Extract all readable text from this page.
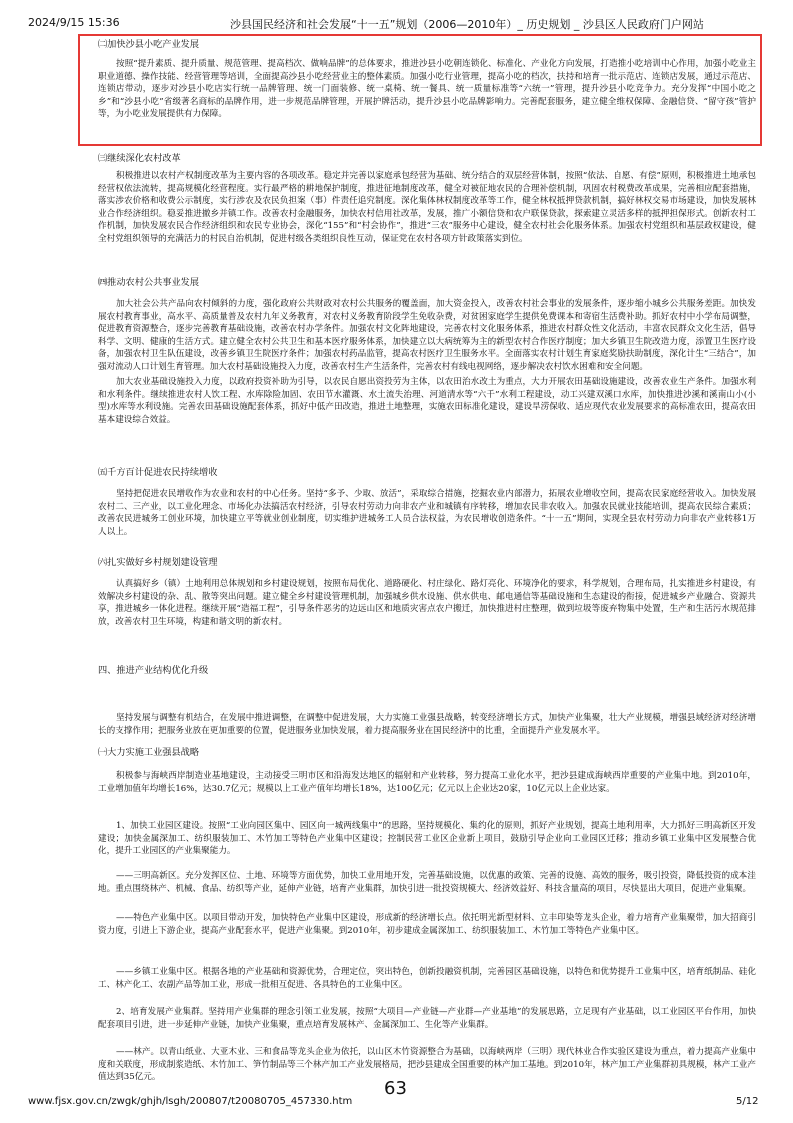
2024/9/15 15:36	沙县国民经济和社会发展“十一五”规划（2006—2010年）_ 历史规划 _ 沙县区人民政府门户网站
㈡加快沙县小吃产业发展
按照“提升素质、提升质量、规范管理、提高档次、做响品牌”的总体要求，推进沙县小吃朝连锁化、标准化、产业化方向发展，打造推小吃培训中心作用，加强小吃业主职业道德、操作技能、经营管理等培训，全面提高沙县小吃经营业主的整体素质。加强小吃行业管理，提高小吃的档次，扶持和培育一批示范店、连锁店发展，通过示范店、连锁店带动，逐步对沙县小吃店实行统一品牌管理、统一门面装修、统一桌椅、统一餐具、统一质量标准等“六统一”管理，提升沙县小吃竞争力。充分发挥“中国小吃之乡”和“沙县小吃”省级著名商标的品牌作用，进一步规范品牌管理，开展护牌活动，提升沙县小吃品牌影响力。完善配套服务，建立健全维权保障、金融信贷、“留守孩”管护等，为小吃业发展提供有力保障。
㈢继续深化农村改革
积极推进以农村产权制度改革为主要内容的各项改革。稳定并完善以家庭承包经营为基础、统分结合的双层经营体制，按照“依法、自愿、有偿”原则，积极推进土地承包经营权依法流转，提高规模化经营程度。实行最严格的耕地保护制度，推进征地制度改革，健全对被征地农民的合理补偿机制，巩固农村税费改革成果，完善相应配套措施，落实涉农价格和收费公示制度，实行涉农及农民负担案（事）件责任追究制度。深化集体林权制度改革等工作，健全林权抵押贷款机制，搞好林权交易市场建设，加快发展林业合作经济组织。稳妥推进撤乡并镇工作。改善农村金融服务，加快农村信用社改革，发展，推广小额信贷和农户联保贷款，探索建立灵活多样的抵押担保形式。创新农村工作机制，加快发展农民合作经济组织和农民专业协会，深化“155”和“村会协作”，推进“三农”服务中心建设，健全农村社会化服务体系。加强农村党组织和基层政权建设，健全村党组织领导的充满活力的村民自治机制，促进村级各类组织良性互动，保证党在农村各项方针政策落实到位。
㈣推动农村公共事业发展
加大社会公共产品向农村倾斜的力度，强化政府公共财政对农村公共服务的覆盖面，加大资金投入，改善农村社会事业的发展条件，逐步缩小城乡公共服务差距。加快发展农村教育事业，高水平、高质量普及农村九年义务教育，对农村义务教育阶段学生免收杂费，对贫困家庭学生提供免费课本和寄宿生活费补助。抓好农村中小学布局调整，促进教育资源整合，逐步完善教育基础设施，改善农村办学条件。加强农村文化阵地建设，完善农村文化服务体系，推进农村群众性文化活动，丰富农民群众文化生活，倡导科学、文明、健康的生活方式。建立健全农村公共卫生和基本医疗服务体系，加快建立以大病统筹为主的新型农村合作医疗制度；加大乡镇卫生院改造力度，添置卫生医疗设备，加强农村卫生队伍建设，改善乡镇卫生院医疗条件；加强农村药品监管，提高农村医疗卫生服务水平。全面落实农村计划生育家庭奖励扶助制度，深化计生“三结合”，加强对流动人口计划生育管理。加大农村基础设施投入力度，改善农村生产生活条件，完善农村有线电视网络，逐步解决农村饮水困难和安全问题。
加大农业基础设施投入力度，以政府投资补助为引导，以农民自愿出资投劳为主体，以农田治水改土为重点，大力开展农田基础设施建设，改善农业生产条件。加强水利和水利条件。继续推进农村人饮工程、水库除险加固、农田节水灌溉、水土流失治理、河道清水等“六千”水利工程建设，动工兴建双溪口水库，加快推进沙溪和溪南山小(小型)水库等水利设施。完善农田基础设施配套体系，抓好中低产田改造，推进土地整理，实施农田标准化建设，建设旱涝保收、适应现代农业发展要求的高标准农田，提高农田基本建设综合效益。
㈤千方百计促进农民持续增收
坚持把促进农民增收作为农业和农村的中心任务。坚持“多予、少取、放活”，采取综合措施，挖掘农业内部潜力，拓展农业增收空间，提高农民家庭经营收入。加快发展农村二、三产业，以工业化理念、市场化办法搞活农村经济，引导农村劳动力向非农产业和城镇有序转移，增加农民非农收入。加强农民就业技能培训，提高农民综合素质；改善农民进城务工创业环境，加快建立平等就业创业制度，切实维护进城务工人员合法权益，为农民增收创造条件。“十一五”期间，实现全县农村劳动力向非农产业转移1万人以上。
㈥扎实做好乡村规划建设管理
认真搞好乡（镇）土地利用总体规划和乡村建设规划，按照布局优化、道路硬化、村庄绿化、路灯亮化、环境净化的要求，科学规划，合理布局，扎实推进乡村建设，有效解决乡村建设的杂、乱、散等突出问题。建立健全乡村建设管理机制，加强城乡供水设施、供水供电、邮电通信等基础设施和生态建设的衔接，促进城乡产业融合、资源共享，推进城乡一体化进程。继续开展“造福工程”，引导条件恶劣的边远山区和地质灾害点农户搬迁，加快推进村庄整理，做到垃圾等废弃物集中处置，生产和生活污水规范排放，改善农村卫生环境，构建和谐文明的新农村。
四、推进产业结构优化升级
坚持发展与调整有机结合，在发展中推进调整，在调整中促进发展，大力实施工业强县战略，转变经济增长方式，加快产业集聚，壮大产业规模，增强县域经济对经济增长的支撑作用；把服务业放在更加重要的位置，促进服务业加快发展，着力提高服务业在国民经济中的比重，全面提升产业发展水平。
㈠大力实施工业强县战略
积极参与海峡西岸制造业基地建设，主动接受三明市区和沿海发达地区的辐射和产业转移，努力提高工业化水平，把沙县建成海峡西岸重要的产业集中地。到2010年，工业增加值年均增长16%，达30.7亿元；规模以上工业产值年均增长18%，达100亿元；亿元以上企业达20家，10亿元以上企业达家。
1、加快工业园区建设。按照“工业向园区集中、园区向一城两线集中”的思路，坚持规模化、集约化的原则，抓好产业规划，提高土地利用率，大力抓好三明高新区开发建设；加快金属深加工、纺织服装加工、木竹加工等特色产业集中区建设；控制民营工业区企业新上项目，鼓励引导企业向工业园区迁移；推动乡镇工业集中区发展整合优化，提升工业园区的产业集聚能力。
——三明高新区。充分发挥区位、土地、环境等方面优势，加快工业用地开发，完善基础设施，以优惠的政策、完善的设施、高效的服务，吸引投资，降低投资的成本洼地。重点围绕林产、机械、食品、纺织等产业，延伸产业链，培育产业集群，加快引进一批投资规模大、经济效益好、科技含量高的项目，尽快显出大项目，促进产业集聚。
——特色产业集中区。以项目带动开发，加快特色产业集中区建设，形成新的经济增长点。依托明光新型材料、立丰印染等龙头企业，着力培育产业集聚带，加大招商引资力度，引进上下游企业，提高产业配套水平，促进产业集聚。到2010年，初步建成金属深加工、纺织服装加工、木竹加工等特色产业集中区。
——乡镇工业集中区。根据各地的产业基础和资源优势，合理定位，突出特色，创新投融资机制，完善园区基础设施，以特色和优势提升工业集中区，培育纸制品、硅化工、林产化工、农副产品等加工业，形成一批相互促进、各具特色的工业集中区。
2、培育发展产业集群。坚持用产业集群的理念引领工业发展，按照“大项目—产业链—产业群—产业基地”的发展思路，立足现有产业基础，以工业园区平台作用，加快配套项目引进，进一步延伸产业链，加快产业集聚，重点培育发展林产、金属深加工、生化等产业集群。
——林产。以青山纸业、大亚木业、三和食品等龙头企业为依托，以山区木竹资源整合为基础，以海峡两岸（三明）现代林业合作实验区建设为重点，着力提高产业集中度和关联度，形成制浆造纸、木竹加工、笋竹制品等三个林产加工产业发展格局，把沙县建成全国重要的林产加工基地。到2010年，林产加工产业集群初具规模，林产工业产值达到35亿元。
www.fjsx.gov.cn/zwgk/ghjh/lsgh/200807/t20080705_457330.htm
63
5/12
